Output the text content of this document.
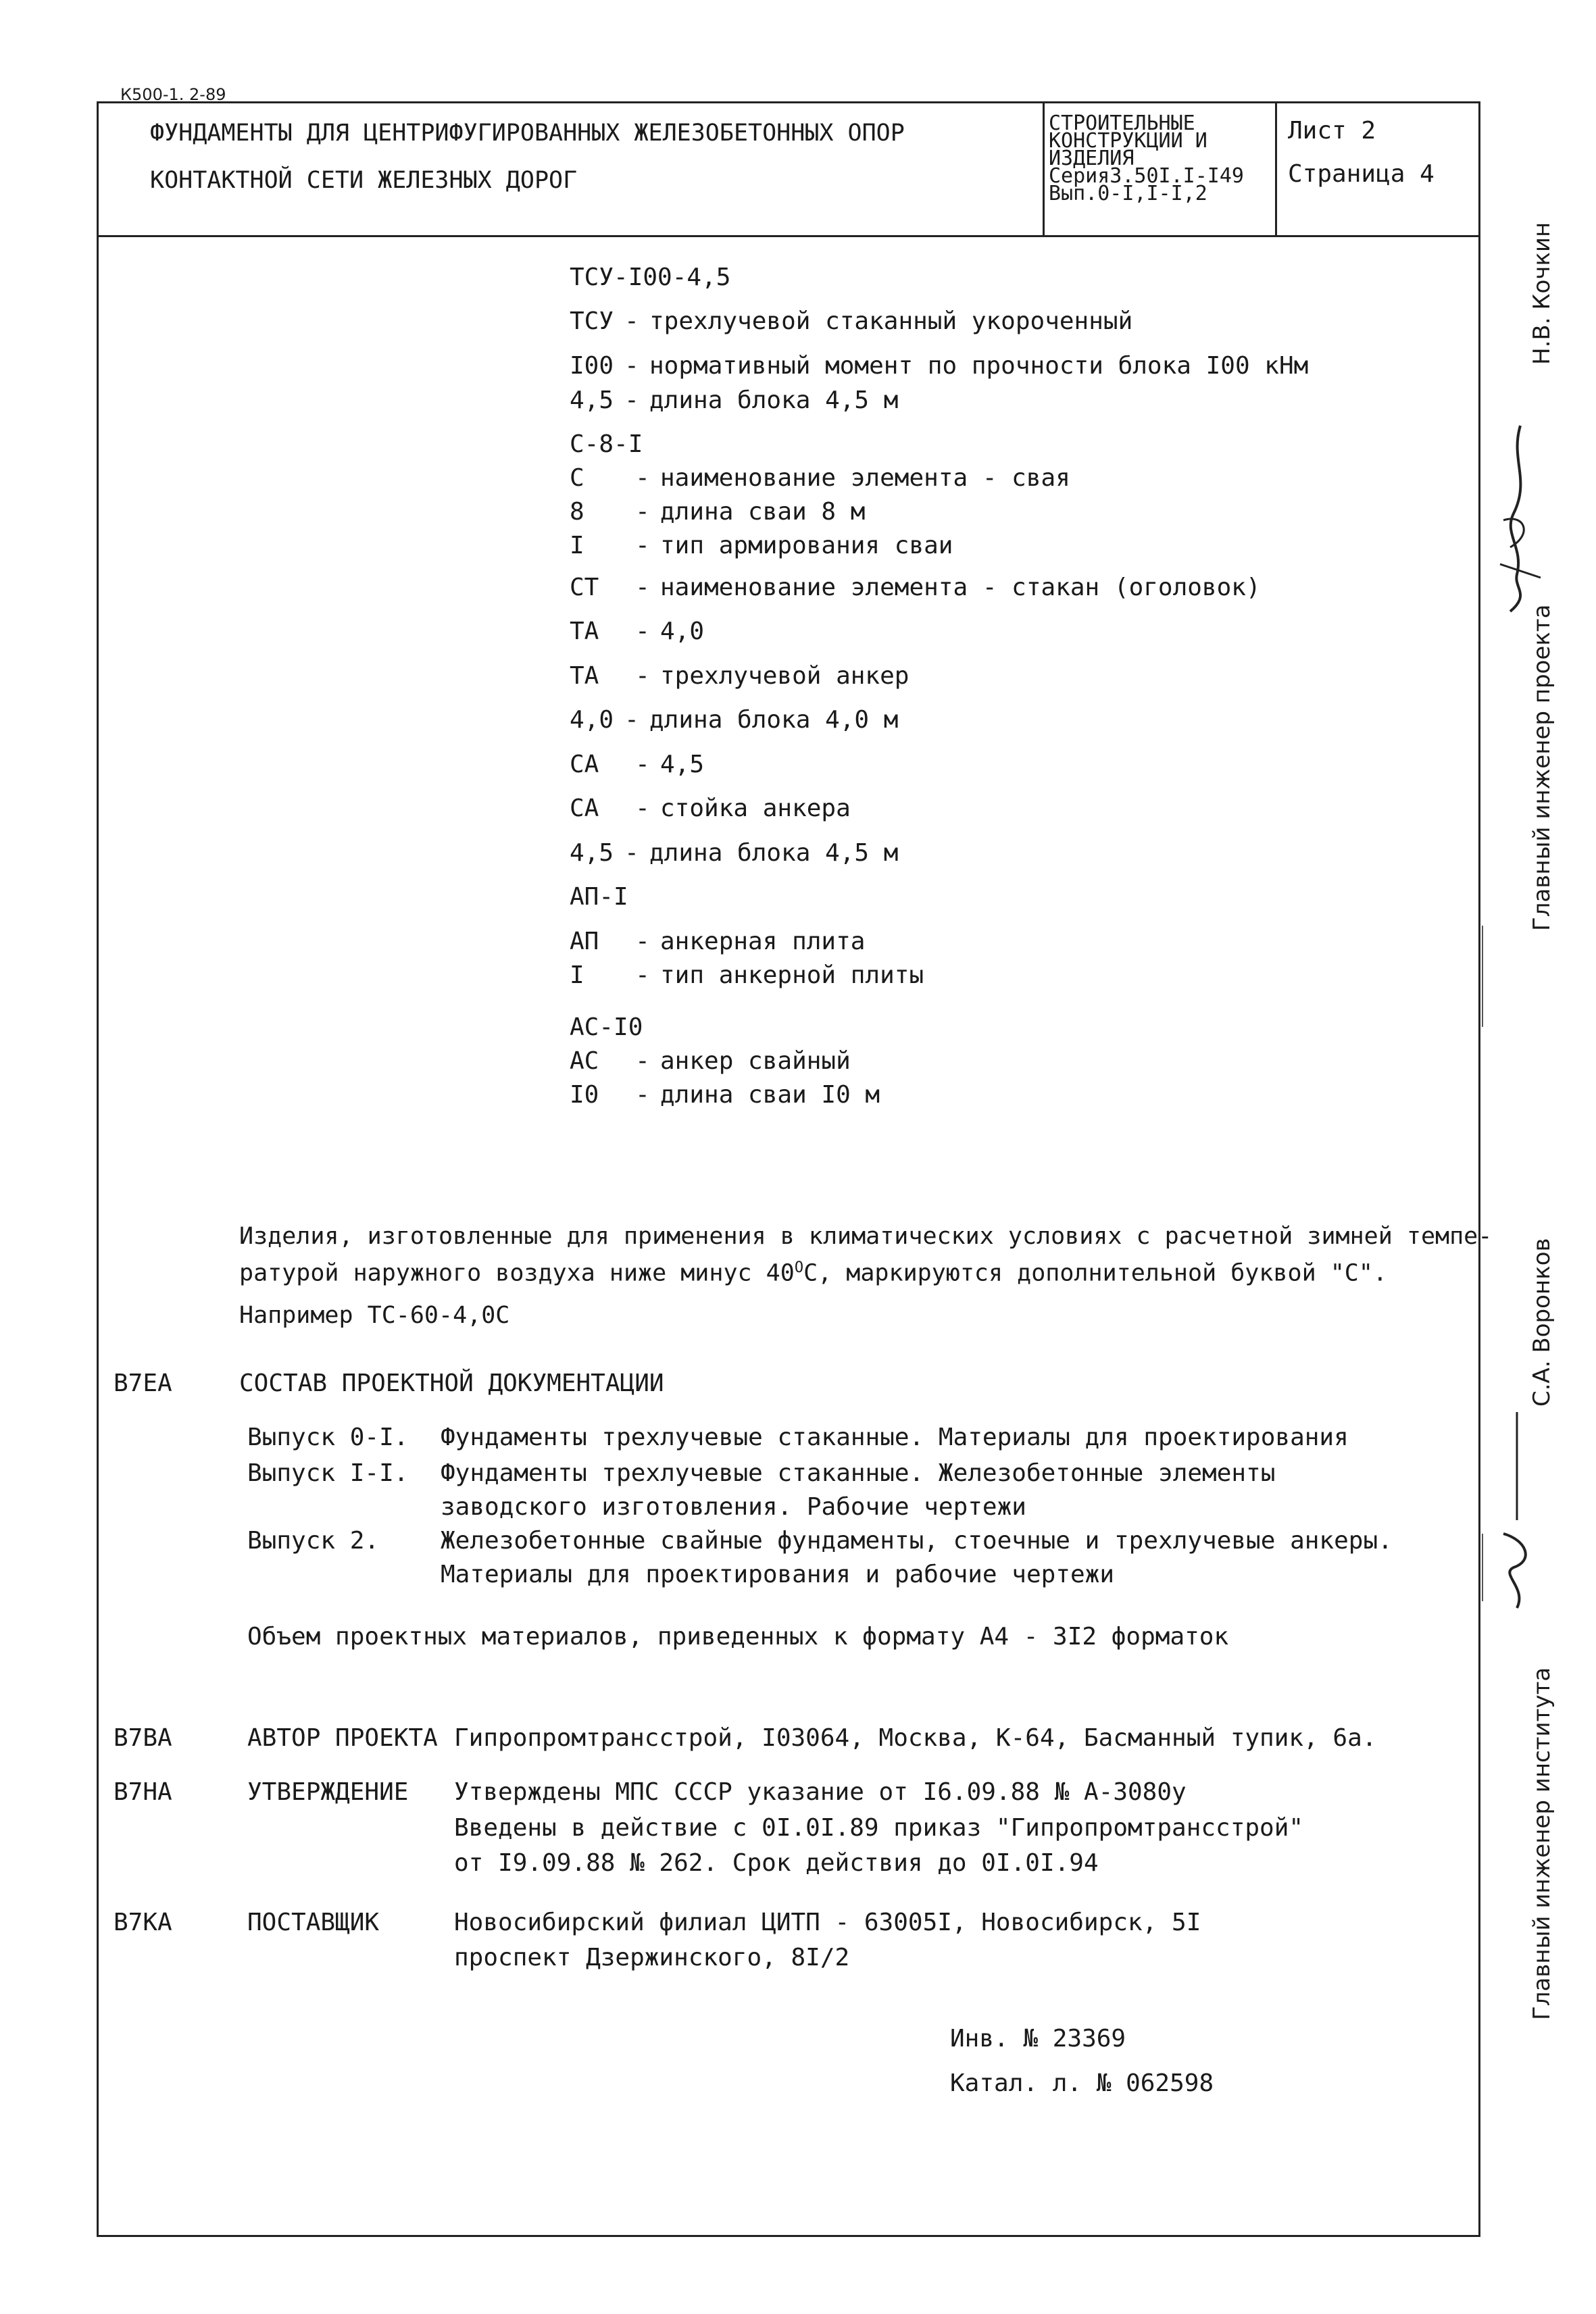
К500-1. 2-89
ФУНДАМЕНТЫ ДЛЯ ЦЕНТРИФУГИРОВАННЫХ ЖЕЛЕЗОБЕТОННЫХ ОПОР
КОНТАКТНОЙ СЕТИ ЖЕЛЕЗНЫХ ДОРОГ
СТРОИТЕЛЬНЫЕ
КОНСТРУКЦИИ И
ИЗДЕЛИЯ
Серия3.50I.I-I49
Вып.0-I,I-I,2
Лист 2
Страница 4
ТСУ-I00-4,5
ТСУ - трехлучевой стаканный укороченный
I00 - нормативный момент по прочности блока I00 кНм
4,5 - длина блока 4,5 м
С-8-I
С - наименование элемента - свая
8 - длина сваи 8 м
I - тип армирования сваи
СТ - наименование элемента - стакан (оголовок)
ТА - 4,0
ТА - трехлучевой анкер
4,0 - длина блока 4,0 м
СА - 4,5
СА - стойка анкера
4,5 - длина блока 4,5 м
АП-I
АП - анкерная плита
I - тип анкерной плиты
АС-I0
АС - анкер свайный
I0 - длина сваи I0 м
Изделия, изготовленные для применения в климатических условиях с расчетной зимней темпе-
ратурой наружного воздуха ниже минус $40^ОС$, маркируются дополнительной буквой "С".
Например ТС-60-4,0С
В7ЕА	СОСТАВ ПРОЕКТНОЙ ДОКУМЕНТАЦИИ
Выпуск 0-I. Фундаменты трехлучевые стаканные. Материалы для проектирования
Выпуск I-I. Фундаменты трехлучевые стаканные. Железобетонные элементы
заводского изготовления. Рабочие чертежи
Выпуск 2.	Железобетонные свайные фундаменты, стоечные и трехлучевые анкеры.
Материалы для проектирования и рабочие чертежи
Объем проектных материалов, приведенных к формату А4 - 3I2 форматок
В7ВА	АВТОР ПРОЕКТА Гипропромтрансстрой, I03064, Москва, К-64, Басманный тупик, 6а.
В7НА	УТВЕРЖДЕНИЕ Утверждены МПС СССР указание от I6.09.88 № А-3080у
Введены в действие с 0I.0I.89 приказ "Гипропромтрансстрой"
от I9.09.88 № 262. Срок действия до 0I.0I.94
В7КА	ПОСТАВЩИК	Новосибирский филиал ЦИТП - 63005I, Новосибирск, 5I
проспект Дзержинского, 8I/2
Инв. № 23369
Катал. л. № 062598
Главный инженер проекта
Н.В. Кочкин
Главный инженер института
С.А. Воронков
